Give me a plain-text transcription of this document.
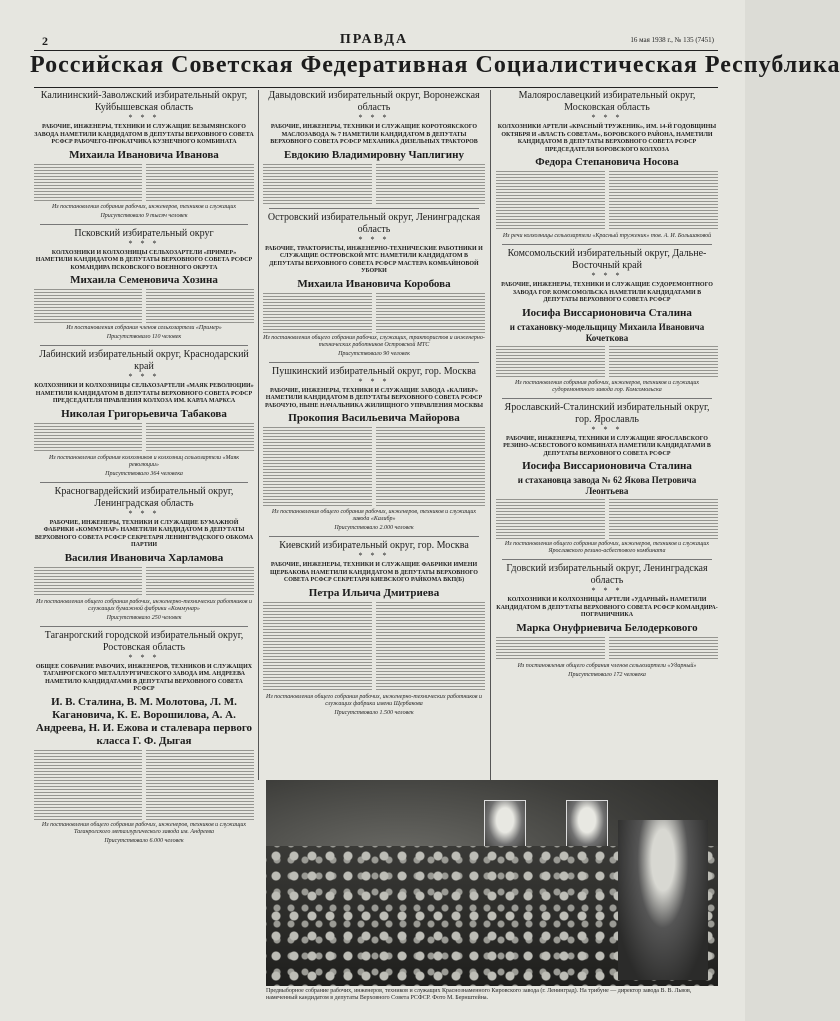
2	ПРАВДА	16 мая 1938 г., № 135 (7451)
Российская Советская Федеративная Социалистическая Республика
Калининский-Заволжский избирательный округ, Куйбышевская область
* * *
РАБОЧИЕ, ИНЖЕНЕРЫ, ТЕХНИКИ И СЛУЖАЩИЕ БЕЗЫМЯНСКОГО ЗАВОДА НАМЕТИЛИ КАНДИДАТОМ В ДЕПУТАТЫ ВЕРХОВНОГО СОВЕТА РСФСР РАБОЧЕГО-ПРОКАТЧИКА КУЗНЕЧНОГО КОМБИНАТА
Михаила Ивановича Иванова
Из постановления собрания рабочих, инженеров, техников и служащих
Присутствовало 9 тысяч человек
Псковский избирательный округ
* * *
КОЛХОЗНИКИ И КОЛХОЗНИЦЫ СЕЛЬХОЗАРТЕЛИ «ПРИМЕР» НАМЕТИЛИ КАНДИДАТОМ В ДЕПУТАТЫ ВЕРХОВНОГО СОВЕТА РСФСР КОМАНДИРА ПСКОВСКОГО ВОЕННОГО ОКРУГА
Михаила Семеновича Хозина
Из постановления собрания членов сельхозартели «Пример»
Присутствовало 110 человек
Лабинский избирательный округ, Краснодарский край
* * *
КОЛХОЗНИКИ И КОЛХОЗНИЦЫ СЕЛЬХОЗАРТЕЛИ «МАЯК РЕВОЛЮЦИИ» НАМЕТИЛИ КАНДИДАТОМ В ДЕПУТАТЫ ВЕРХОВНОГО СОВЕТА РСФСР ПРЕДСЕДАТЕЛЯ ПРАВЛЕНИЯ КОЛХОЗА ИМ. КАРЛА МАРКСА
Николая Григорьевича Табакова
Из постановления собрания колхозников и колхозниц сельхозартели «Маяк революции»
Присутствовало 364 человека
Красногвардейский избирательный округ, Ленинградская область
* * *
РАБОЧИЕ, ИНЖЕНЕРЫ, ТЕХНИКИ И СЛУЖАЩИЕ БУМАЖНОЙ ФАБРИКИ «КОММУНАР» НАМЕТИЛИ КАНДИДАТОМ В ДЕПУТАТЫ ВЕРХОВНОГО СОВЕТА РСФСР СЕКРЕТАРЯ ЛЕНИНГРАДСКОГО ОБКОМА ПАРТИИ
Василия Ивановича Харламова
Из постановления общего собрания рабочих, инженерно-технических работников и служащих бумажной фабрики «Коммунар»
Присутствовало 250 человек
Таганрогский городской избирательный округ, Ростовская область
* * *
ОБЩЕЕ СОБРАНИЕ РАБОЧИХ, ИНЖЕНЕРОВ, ТЕХНИКОВ И СЛУЖАЩИХ ТАГАНРОГСКОГО МЕТАЛЛУРГИЧЕСКОГО ЗАВОДА ИМ. АНДРЕЕВА НАМЕТИЛО КАНДИДАТАМИ В ДЕПУТАТЫ ВЕРХОВНОГО СОВЕТА РСФСР
И. В. Сталина, В. М. Молотова, Л. М. Кагановича, К. Е. Ворошилова, А. А. Андреева, Н. И. Ежова и сталевара первого класса Г. Ф. Дыгая
Из постановления общего собрания рабочих, инженеров, техников и служащих Таганрогского металлургического завода им. Андреева
Присутствовало 6.000 человек
Давыдовский избирательный округ, Воронежская область
* * *
РАБОЧИЕ, ИНЖЕНЕРЫ, ТЕХНИКИ И СЛУЖАЩИЕ КОРОТОЯКСКОГО МАСЛОЗАВОДА № 7 НАМЕТИЛИ КАНДИДАТОМ В ДЕПУТАТЫ ВЕРХОВНОГО СОВЕТА РСФСР МЕХАНИКА ДИЗЕЛЬНЫХ ТРАКТОРОВ
Евдокию Владимировну Чаплигину
Островский избирательный округ, Ленинградская область
* * *
РАБОЧИЕ, ТРАКТОРИСТЫ, ИНЖЕНЕРНО-ТЕХНИЧЕСКИЕ РАБОТНИКИ И СЛУЖАЩИЕ ОСТРОВСКОЙ МТС НАМЕТИЛИ КАНДИДАТОМ В ДЕПУТАТЫ ВЕРХОВНОГО СОВЕТА РСФСР МАСТЕРА КОМБАЙНОВОЙ УБОРКИ
Михаила Ивановича Коробова
Из постановления общего собрания рабочих, служащих, трактористов и инженерно-технических работников Островской МТС
Присутствовало 90 человек
Пушкинский избирательный округ, гор. Москва
* * *
РАБОЧИЕ, ИНЖЕНЕРЫ, ТЕХНИКИ И СЛУЖАЩИЕ ЗАВОДА «КАЛИБР» НАМЕТИЛИ КАНДИДАТОМ В ДЕПУТАТЫ ВЕРХОВНОГО СОВЕТА РСФСР РАБОЧУЮ, НЫНЕ НАЧАЛЬНИКА ЖИЛИЩНОГО УПРАВЛЕНИЯ МОСКВЫ
Прокопия Васильевича Майорова
Из постановления общего собрания рабочих, инженеров, техников и служащих завода «Калибр»
Присутствовало 2.000 человек
Киевский избирательный округ, гор. Москва
* * *
РАБОЧИЕ, ИНЖЕНЕРЫ, ТЕХНИКИ И СЛУЖАЩИЕ ФАБРИКИ ИМЕНИ ЩЕРБАКОВА НАМЕТИЛИ КАНДИДАТОМ В ДЕПУТАТЫ ВЕРХОВНОГО СОВЕТА РСФСР СЕКРЕТАРЯ КИЕВСКОГО РАЙКОМА ВКП(Б)
Петра Ильича Дмитриева
Из постановления общего собрания рабочих, инженерно-технических работников и служащих фабрики имени Щербакова
Присутствовало 1.500 человек
Малоярославецкий избирательный округ, Московская область
* * *
КОЛХОЗНИКИ АРТЕЛИ «КРАСНЫЙ ТРУЖЕНИК», ИМ. 14-Й ГОДОВЩИНЫ ОКТЯБРЯ И «ВЛАСТЬ СОВЕТАМ», БОРОВСКОГО РАЙОНА, НАМЕТИЛИ КАНДИДАТОМ В ДЕПУТАТЫ ВЕРХОВНОГО СОВЕТА РСФСР ПРЕДСЕДАТЕЛЯ БОРОВСКОГО КОЛХОЗА
Федора Степановича Носова
Из речи колхозницы сельхозартели «Красный труженик» тов. А. И. Большаковой
Комсомольский избирательный округ, Дальне-Восточный край
* * *
РАБОЧИЕ, ИНЖЕНЕРЫ, ТЕХНИКИ И СЛУЖАЩИЕ СУДОРЕМОНТНОГО ЗАВОДА ГОР. КОМСОМОЛЬСКА НАМЕТИЛИ КАНДИДАТАМИ В ДЕПУТАТЫ ВЕРХОВНОГО СОВЕТА РСФСР
Иосифа Виссарионовича Сталина
и стахановку-модельщицу Михаила Ивановича Кочеткова
Из постановления собрания рабочих, инженеров, техников и служащих судоремонтного завода гор. Комсомольска
Ярославский-Сталинский избирательный округ, гор. Ярославль
* * *
РАБОЧИЕ, ИНЖЕНЕРЫ, ТЕХНИКИ И СЛУЖАЩИЕ ЯРОСЛАВСКОГО РЕЗИНО-АСБЕСТОВОГО КОМБИНАТА НАМЕТИЛИ КАНДИДАТАМИ В ДЕПУТАТЫ ВЕРХОВНОГО СОВЕТА РСФСР
Иосифа Виссарионовича Сталина
и стахановца завода № 62 Якова Петровича Леонтьева
Из постановления общего собрания рабочих, инженеров, техников и служащих Ярославского резино-асбестового комбината
Гдовский избирательный округ, Ленинградская область
* * *
КОЛХОЗНИКИ И КОЛХОЗНИЦЫ АРТЕЛИ «УДАРНЫЙ» НАМЕТИЛИ КАНДИДАТОМ В ДЕПУТАТЫ ВЕРХОВНОГО СОВЕТА РСФСР КОМАНДИРА-ПОГРАНИЧНИКА
Марка Онуфриевича Белодеркового
Из постановления общего собрания членов сельхозартели «Ударный»
Присутствовало 172 человека
Предвыборное собрание рабочих, инженеров, техников и служащих Краснознаменного Кировского завода (г. Ленинград). На трибуне — директор завода В. В. Львов, намеченный кандидатом в депутаты Верховного Совета РСФСР. Фото М. Бернштейна.
